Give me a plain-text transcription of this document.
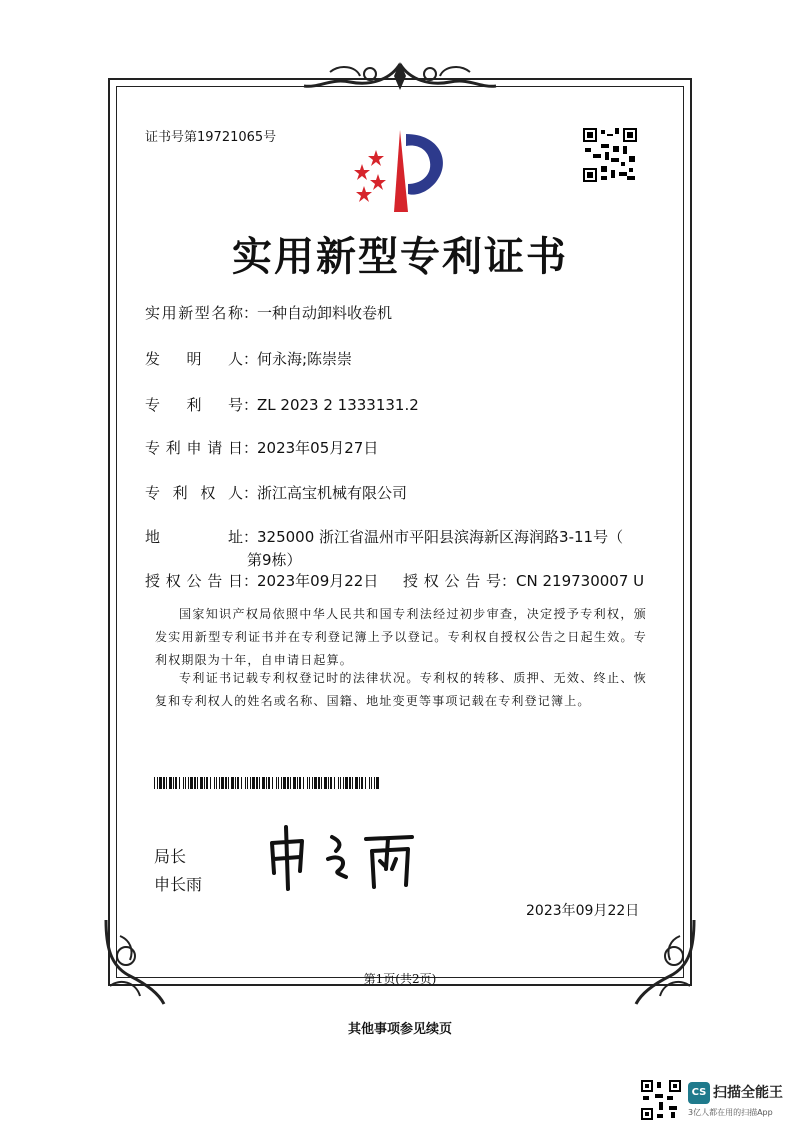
证书号第19721065号
实用新型专利证书
实用新型名称：一种自动卸料收卷机
发明人：何永海;陈崇崇
专利号：ZL 2023 2 1333131.2
专利申请日：2023年05月27日
专利权人：浙江高宝机械有限公司
地址：325000 浙江省温州市平阳县滨海新区海润路3-11号（
第9栋）
授权公告日：2023年09月22日 授权公告号：CN 219730007 U
国家知识产权局依照中华人民共和国专利法经过初步审查，决定授予专利权，颁发实用新型专利证书并在专利登记簿上予以登记。专利权自授权公告之日起生效。专利权期限为十年，自申请日起算。
专利证书记载专利权登记时的法律状况。专利权的转移、质押、无效、终止、恢复和专利权人的姓名或名称、国籍、地址变更等事项记载在专利登记簿上。
局长
申长雨
2023年09月22日
第1页(共2页)
其他事项参见续页
CS 扫描全能王
3亿人都在用的扫描App
